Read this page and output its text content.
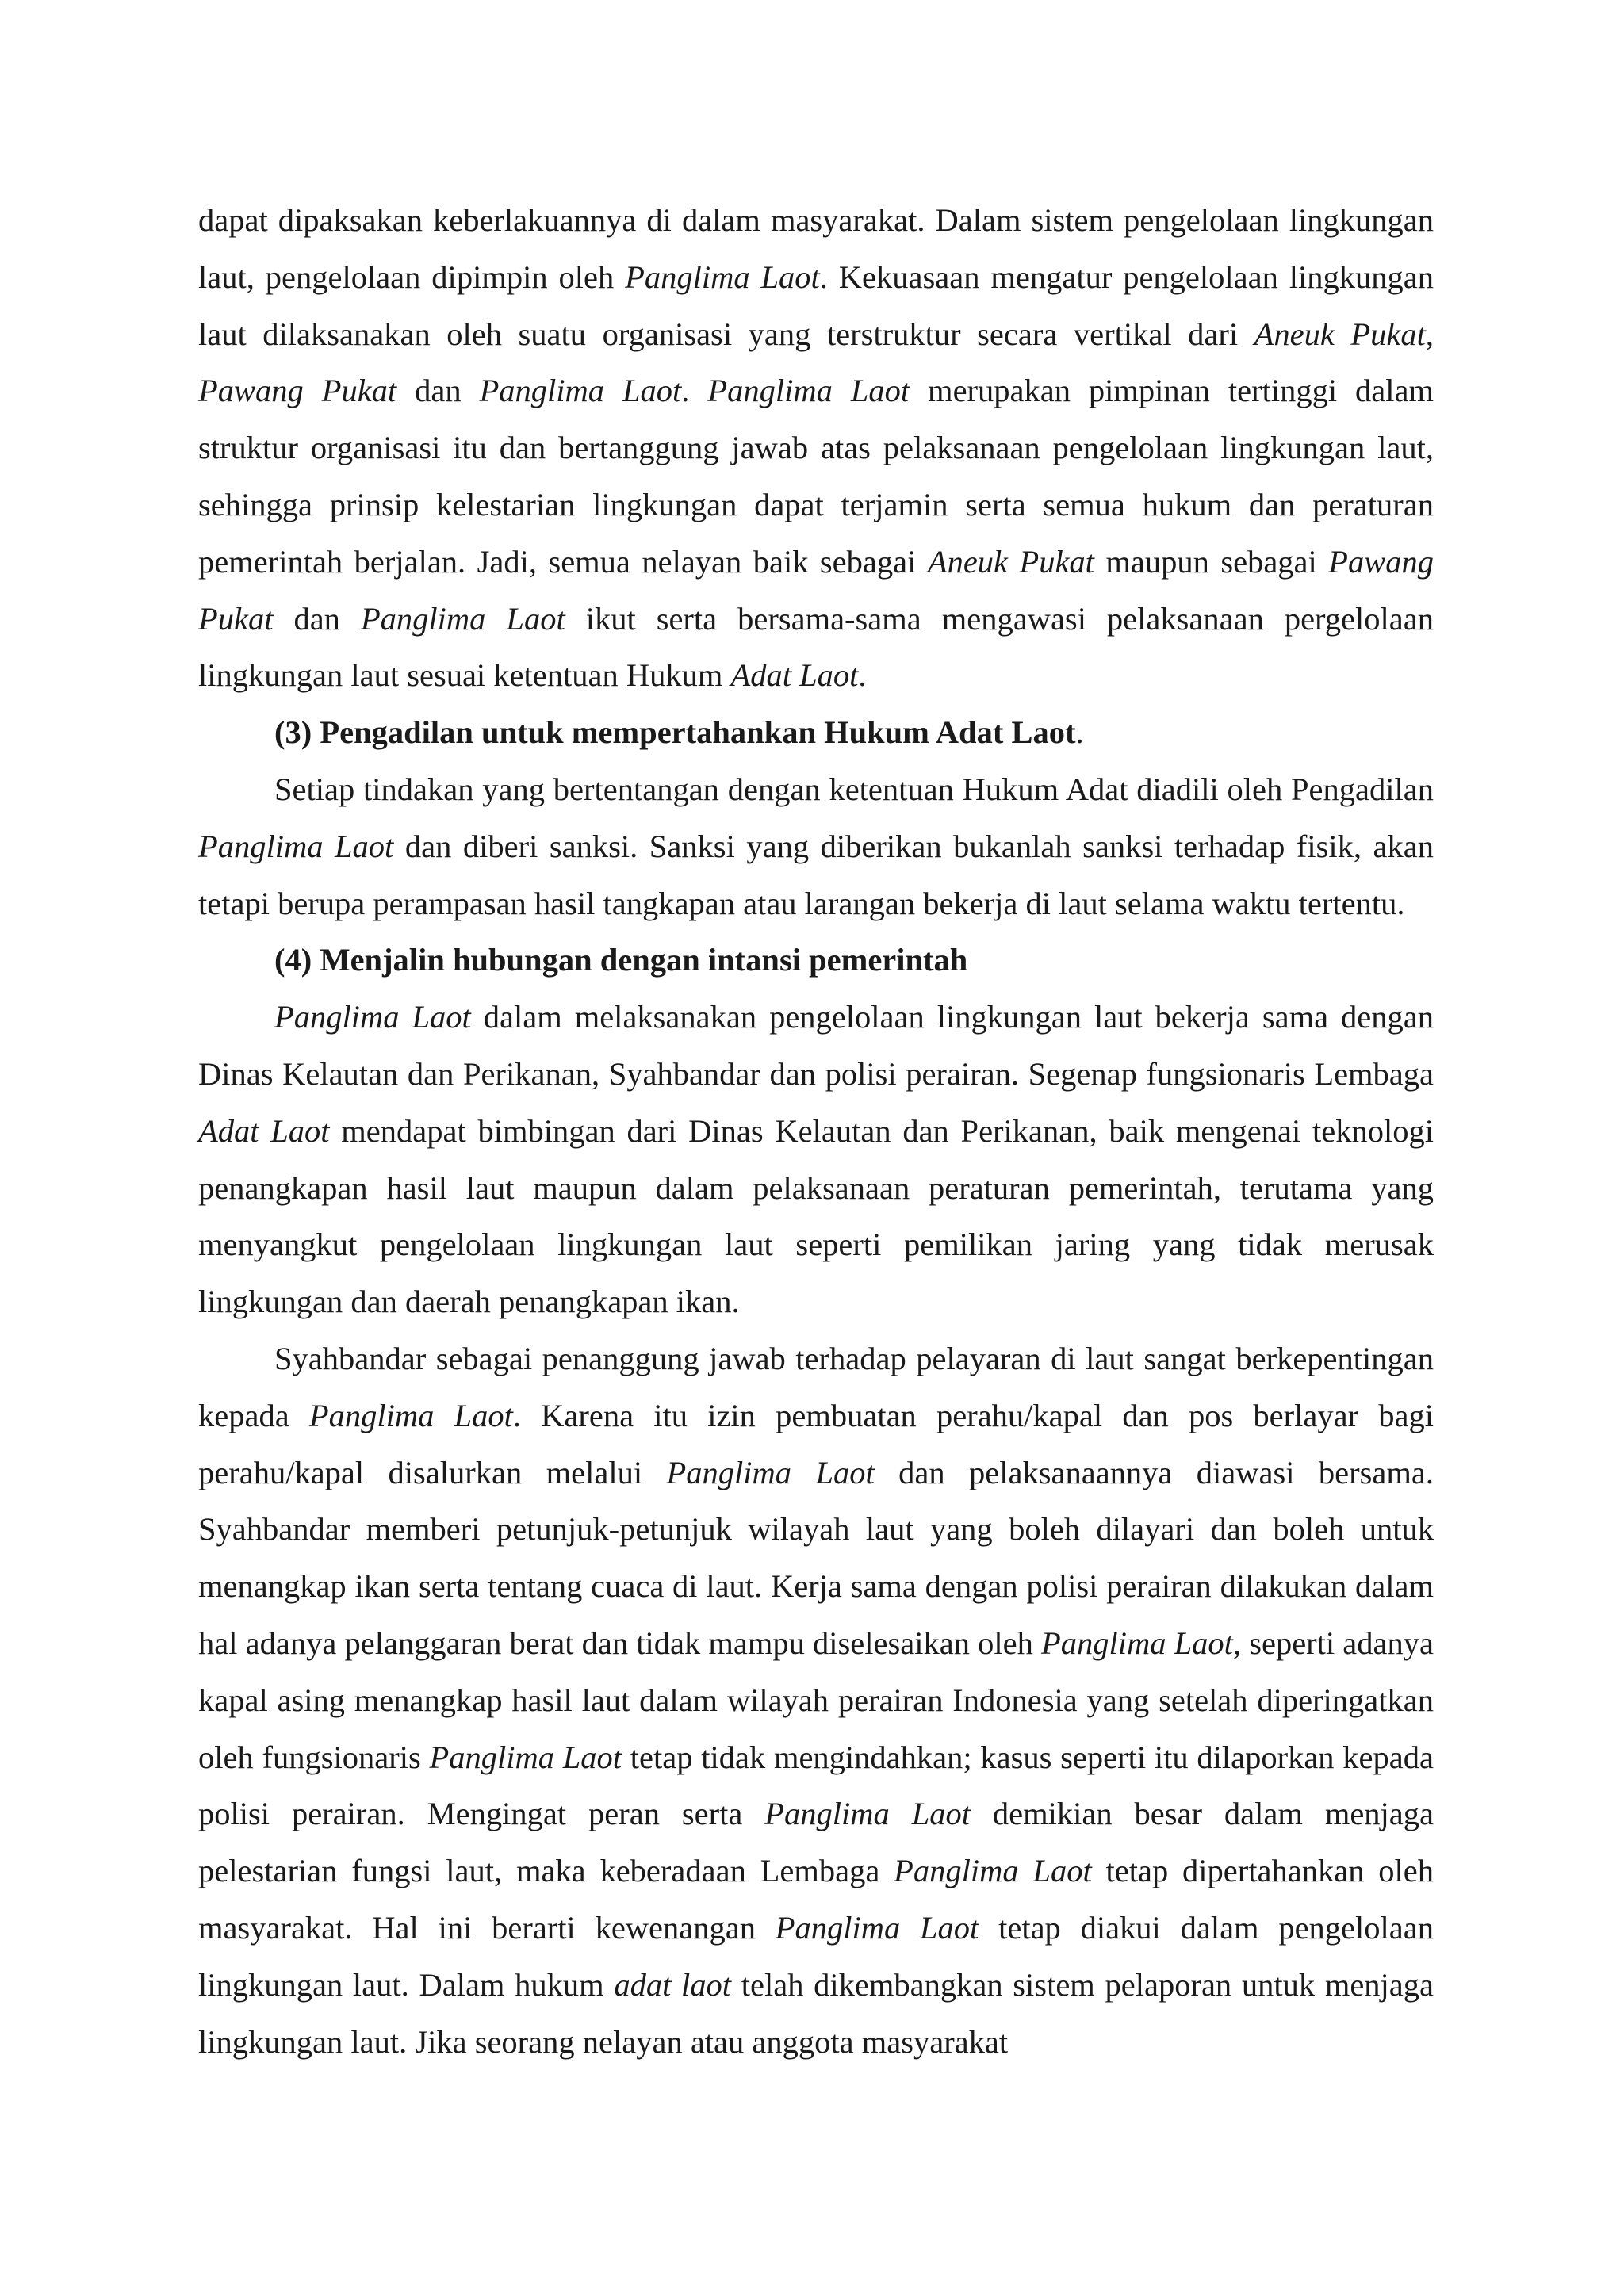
dapat dipaksakan keberlakuannya di dalam masyarakat. Dalam sistem pengelolaan lingkungan laut, pengelolaan dipimpin oleh Panglima Laot. Kekuasaan mengatur pengelolaan lingkungan laut dilaksanakan oleh suatu organisasi yang terstruktur secara vertikal dari Aneuk Pukat, Pawang Pukat dan Panglima Laot. Panglima Laot merupakan pimpinan tertinggi dalam struktur organisasi itu dan bertanggung jawab atas pelaksanaan pengelolaan lingkungan laut, sehingga prinsip kelestarian lingkungan dapat terjamin serta semua hukum dan peraturan pemerintah berjalan. Jadi, semua nelayan baik sebagai Aneuk Pukat maupun sebagai Pawang Pukat dan Panglima Laot ikut serta bersama-sama mengawasi pelaksanaan pergelolaan lingkungan laut sesuai ketentuan Hukum Adat Laot.

(3) Pengadilan untuk mempertahankan Hukum Adat Laot.

Setiap tindakan yang bertentangan dengan ketentuan Hukum Adat diadili oleh Pengadilan Panglima Laot dan diberi sanksi. Sanksi yang diberikan bukanlah sanksi terhadap fisik, akan tetapi berupa perampasan hasil tangkapan atau larangan bekerja di laut selama waktu tertentu.

(4) Menjalin hubungan dengan intansi pemerintah

Panglima Laot dalam melaksanakan pengelolaan lingkungan laut bekerja sama dengan Dinas Kelautan dan Perikanan, Syahbandar dan polisi perairan. Segenap fungsionaris Lembaga Adat Laot mendapat bimbingan dari Dinas Kelautan dan Perikanan, baik mengenai teknologi penangkapan hasil laut maupun dalam pelaksanaan peraturan pemerintah, terutama yang menyangkut pengelolaan lingkungan laut seperti pemilikan jaring yang tidak merusak lingkungan dan daerah penangkapan ikan.

Syahbandar sebagai penanggung jawab terhadap pelayaran di laut sangat berkepentingan kepada Panglima Laot. Karena itu izin pembuatan perahu/kapal dan pos berlayar bagi perahu/kapal disalurkan melalui Panglima Laot dan pelaksanaannya diawasi bersama. Syahbandar memberi petunjuk-petunjuk wilayah laut yang boleh dilayari dan boleh untuk menangkap ikan serta tentang cuaca di laut. Kerja sama dengan polisi perairan dilakukan dalam hal adanya pelanggaran berat dan tidak mampu diselesaikan oleh Panglima Laot, seperti adanya kapal asing menangkap hasil laut dalam wilayah perairan Indonesia yang setelah diperingatkan oleh fungsionaris Panglima Laot tetap tidak mengindahkan; kasus seperti itu dilaporkan kepada polisi perairan. Mengingat peran serta Panglima Laot demikian besar dalam menjaga pelestarian fungsi laut, maka keberadaan Lembaga Panglima Laot tetap dipertahankan oleh masyarakat. Hal ini berarti kewenangan Panglima Laot tetap diakui dalam pengelolaan lingkungan laut. Dalam hukum adat laot telah dikembangkan sistem pelaporan untuk menjaga lingkungan laut. Jika seorang nelayan atau anggota masyarakat
